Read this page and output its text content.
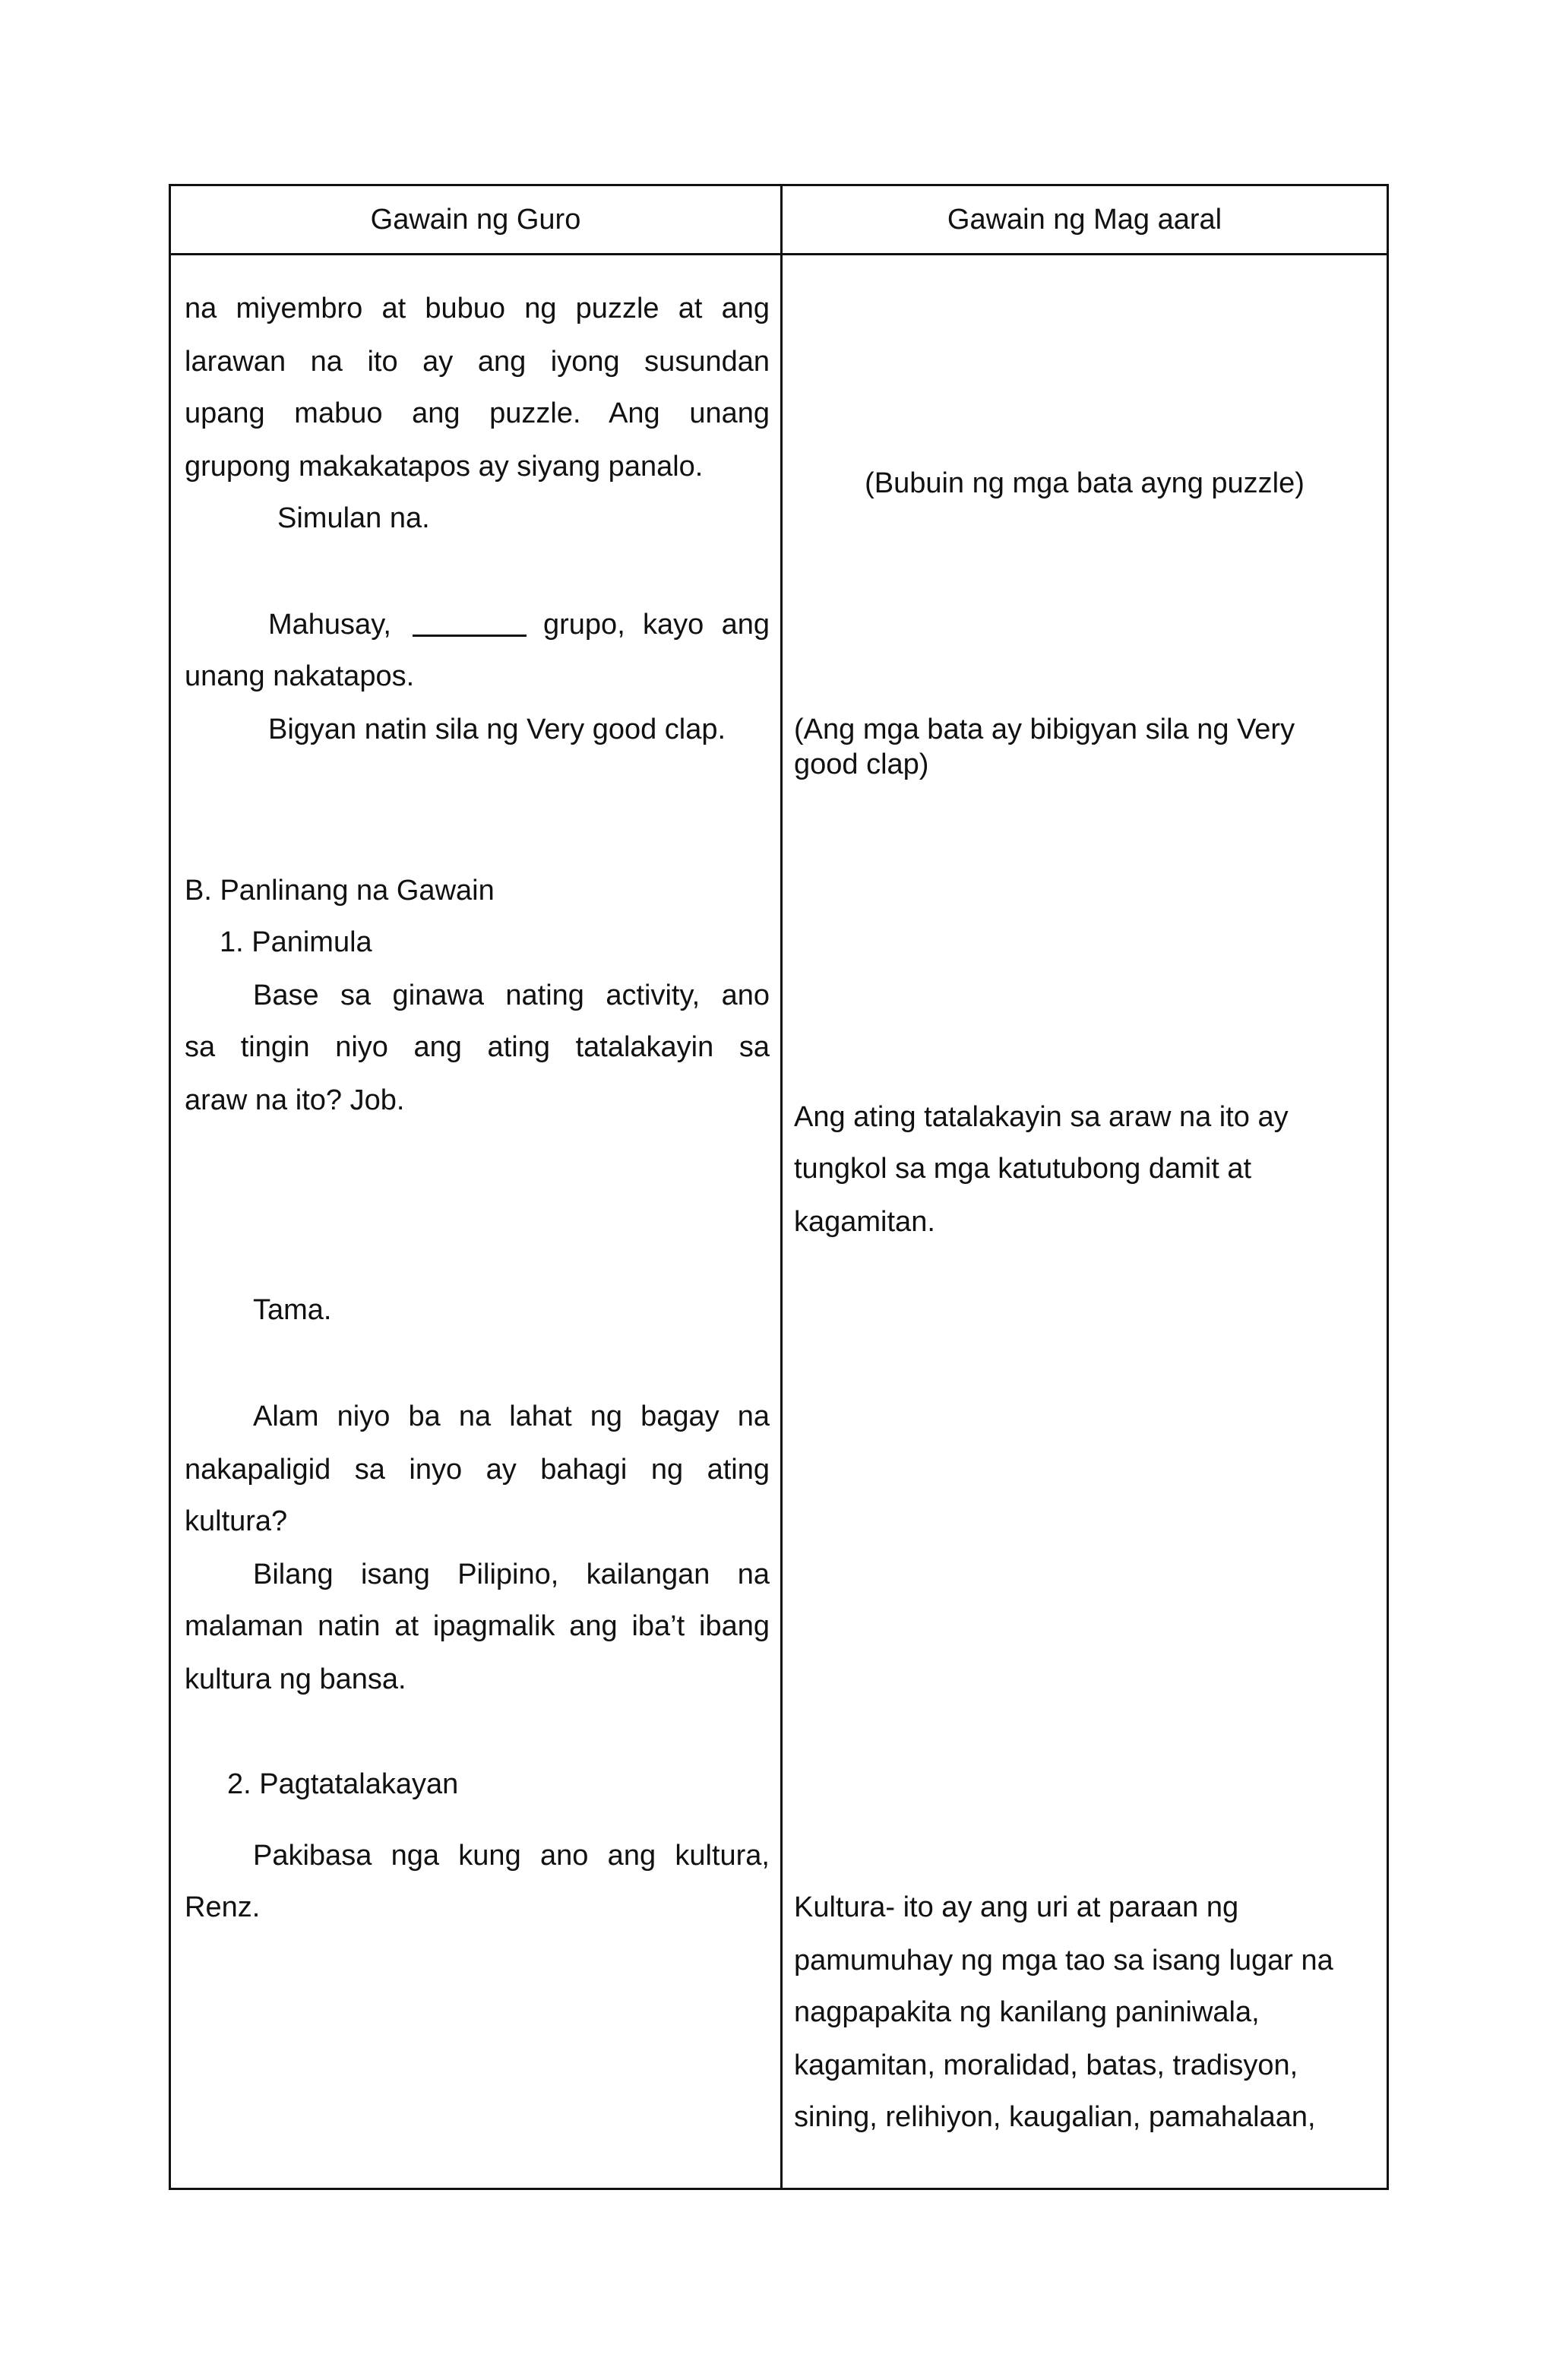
Gawain ng Guro	Gawain ng Mag aaral
na miyembro at bubuo ng puzzle at ang
larawan na ito ay ang iyong susundan
upang mabuo ang puzzle. Ang unang
grupong makakatapos ay siyang panalo.
Simulan na.
Mahusay,	grupo, kayo ang
unang nakatapos.
Bigyan natin sila ng Very good clap.
B. Panlinang na Gawain
1. Panimula
Base sa ginawa nating activity, ano
sa tingin niyo ang ating tatalakayin sa
araw na ito? Job.
Tama.
Alam niyo ba na lahat ng bagay na
nakapaligid sa inyo ay bahagi ng ating
kultura?
Bilang isang Pilipino, kailangan na
malaman natin at ipagmalik ang iba’t ibang
kultura ng bansa.
2. Pagtatalakayan
Pakibasa nga kung ano ang kultura,
Renz.
(Bubuin ng mga bata ayng puzzle)
(Ang mga bata ay bibigyan sila ng Very
good clap)
Ang ating tatalakayin sa araw na ito ay
tungkol sa mga katutubong damit at
kagamitan.
Kultura- ito ay ang uri at paraan ng
pamumuhay ng mga tao sa isang lugar na
nagpapakita ng kanilang paniniwala,
kagamitan, moralidad, batas, tradisyon,
sining, relihiyon, kaugalian, pamahalaan,
